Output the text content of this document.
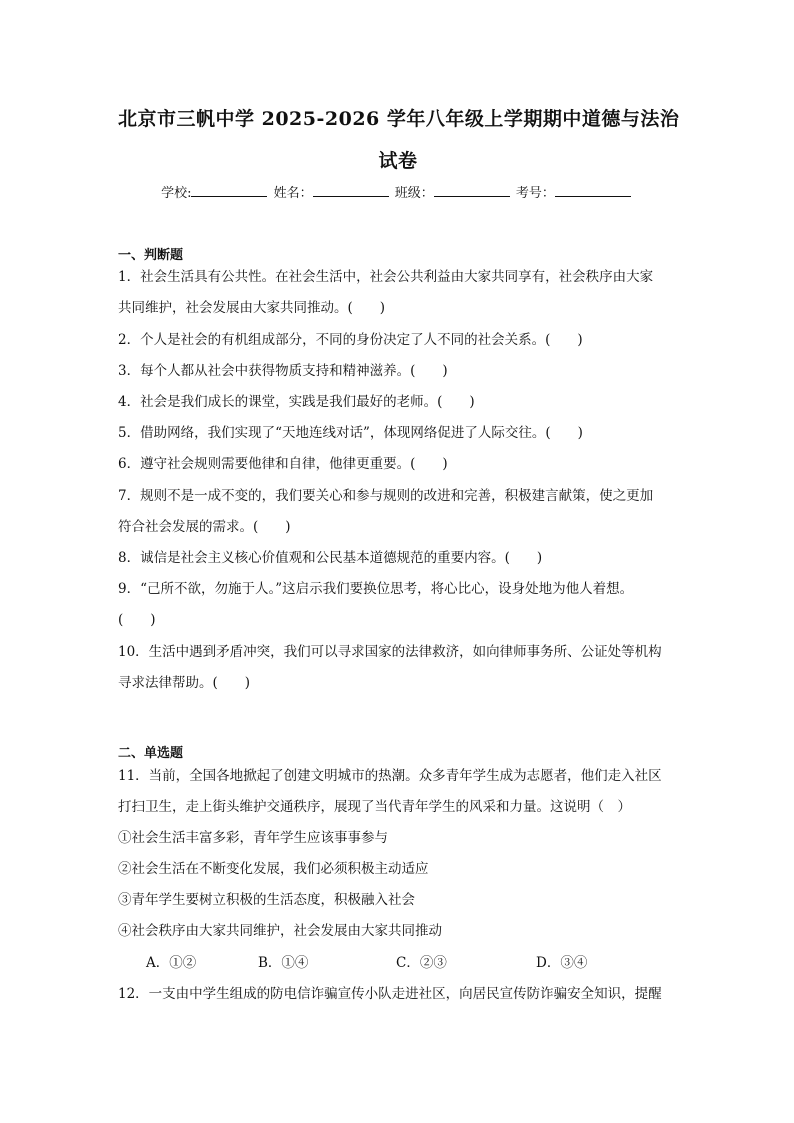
北京市三帆中学 2025-2026 学年八年级上学期期中道德与法治
试卷
学校:	姓名：	班级：	考号：
一、判断题
1．社会生活具有公共性。在社会生活中，社会公共利益由大家共同享有，社会秩序由大家
共同维护，社会发展由大家共同推动。(　　)
2．个人是社会的有机组成部分，不同的身份决定了人不同的社会关系。(　　)
3．每个人都从社会中获得物质支持和精神滋养。(　　)
4．社会是我们成长的课堂，实践是我们最好的老师。(　　)
5．借助网络，我们实现了“天地连线对话”，体现网络促进了人际交往。(　　)
6．遵守社会规则需要他律和自律，他律更重要。(　　)
7．规则不是一成不变的，我们要关心和参与规则的改进和完善，积极建言献策，使之更加
符合社会发展的需求。(　　)
8．诚信是社会主义核心价值观和公民基本道德规范的重要内容。(　　)
9．“己所不欲，勿施于人。”这启示我们要换位思考，将心比心，设身处地为他人着想。
(　　)
10．生活中遇到矛盾冲突，我们可以寻求国家的法律救济，如向律师事务所、公证处等机构
寻求法律帮助。(　　)
二、单选题
11．当前，全国各地掀起了创建文明城市的热潮。众多青年学生成为志愿者，他们走入社区
打扫卫生，走上街头维护交通秩序，展现了当代青年学生的风采和力量。这说明（　）
①社会生活丰富多彩，青年学生应该事事参与
②社会生活在不断变化发展，我们必须积极主动适应
③青年学生要树立积极的生活态度，积极融入社会
④社会秩序由大家共同维护，社会发展由大家共同推动
A．①②	B．①④	C．②③	D．③④
12．一支由中学生组成的防电信诈骗宣传小队走进社区，向居民宣传防诈骗安全知识，提醒
